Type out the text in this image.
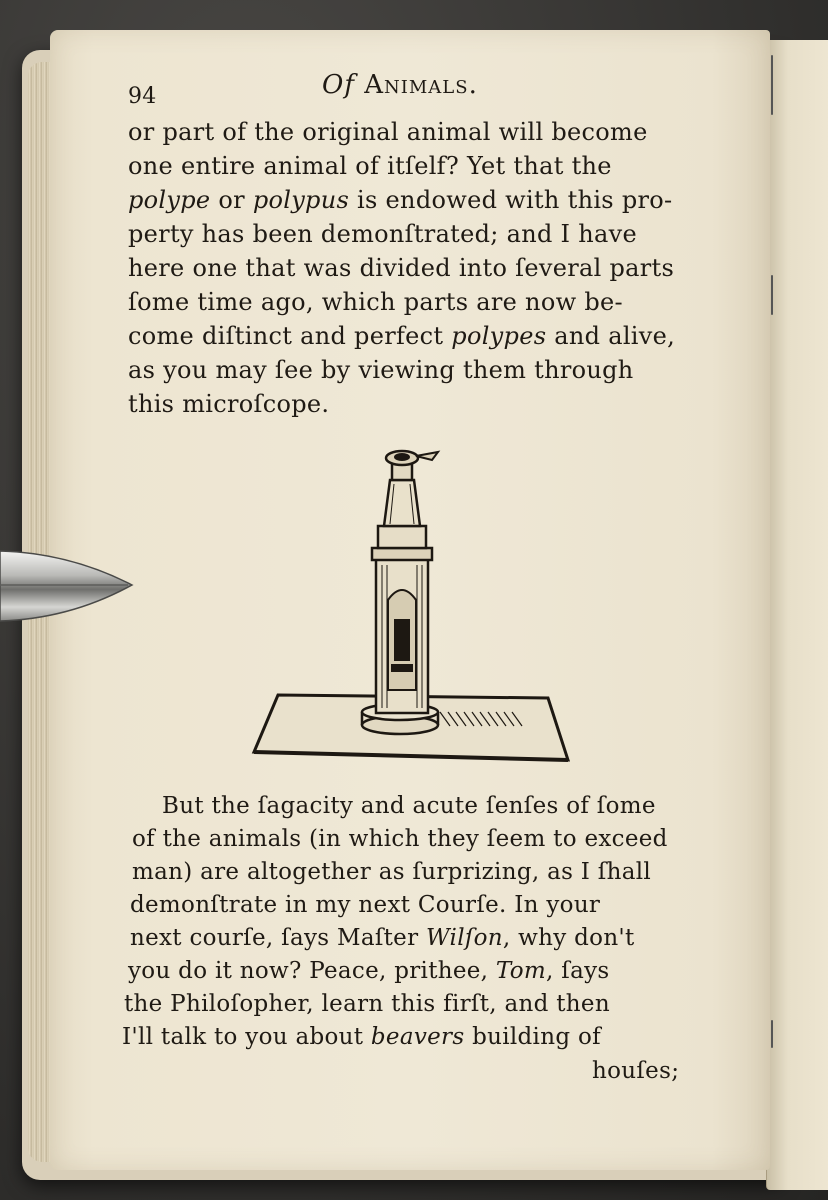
94	Of Animals.
or part of the original animal will become
one entire animal of itſelf? Yet that the
polype or polypus is endowed with this pro-
perty has been demonſtrated; and I have
here one that was divided into ſeveral parts
ſome time ago, which parts are now be-
come diſtinct and perfect polypes and alive,
as you may ſee by viewing them through
this microſcope.
But the ſagacity and acute ſenſes of ſome
of the animals (in which they ſeem to exceed
man) are altogether as ſurprizing, as I ſhall
demonſtrate in my next Courſe. In your
next courſe, ſays Maſter Wilſon, why don't
you do it now? Peace, prithee, Tom, ſays
the Philoſopher, learn this firſt, and then
I'll talk to you about beavers building of
houſes;
